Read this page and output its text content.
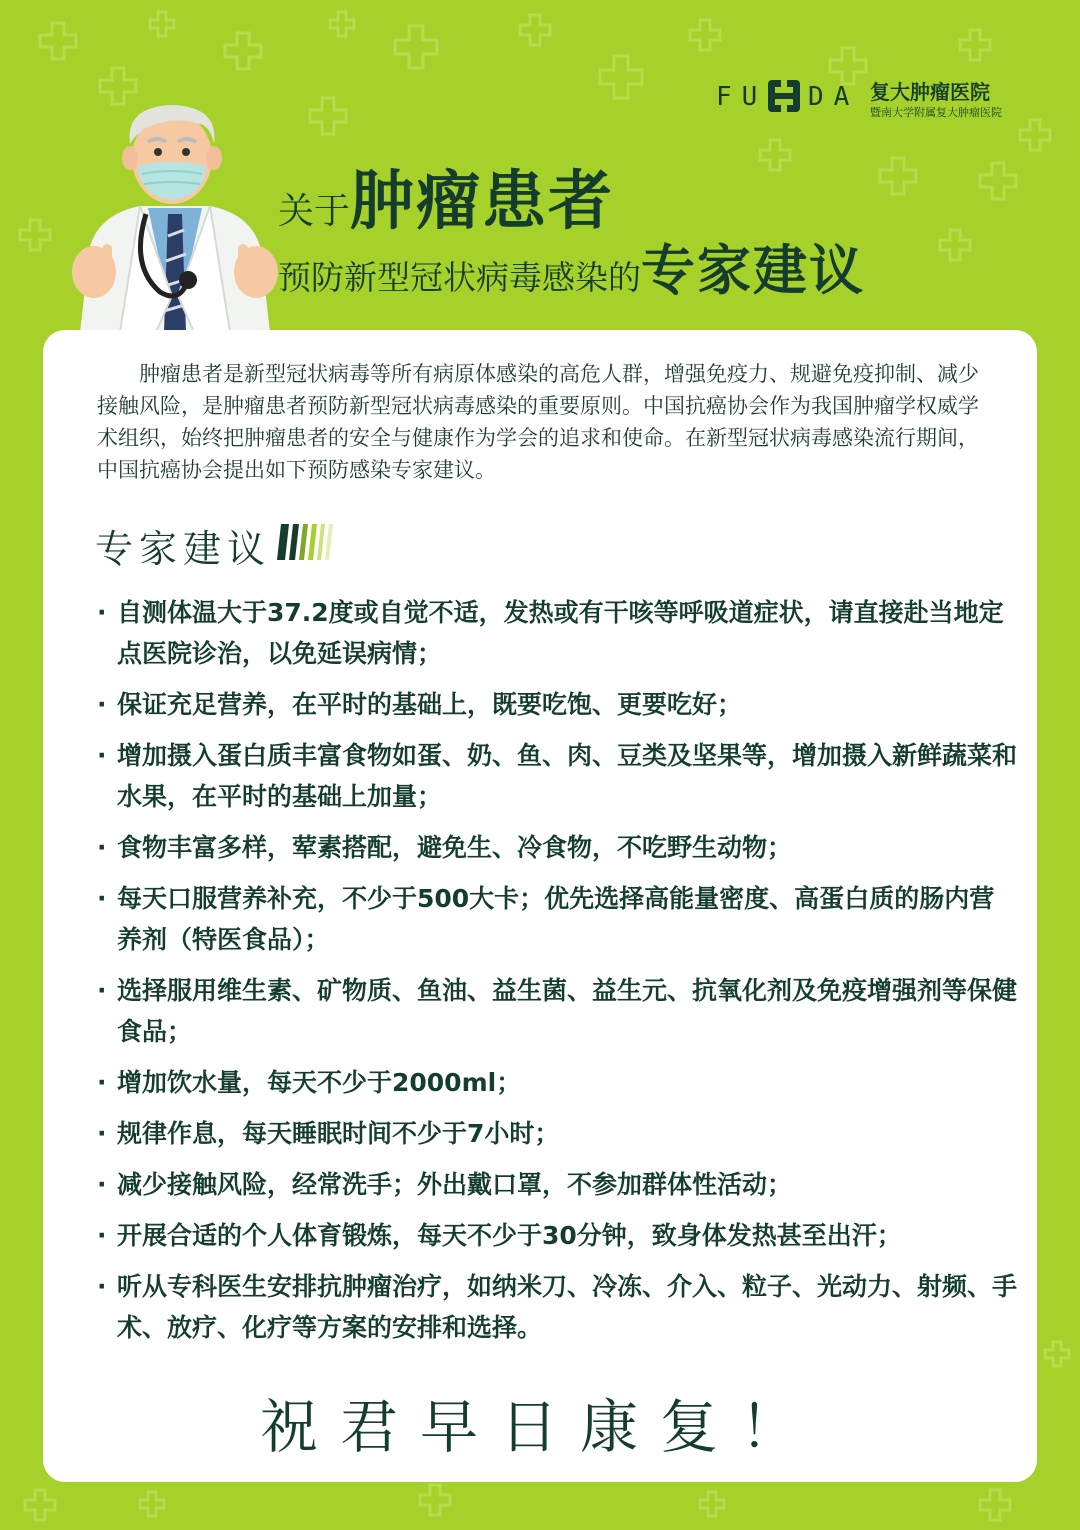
FU DA 复大肿瘤医院
暨南大学附属复大肿瘤医院
关于肿瘤患者
预防新型冠状病毒感染的专家建议

肿瘤患者是新型冠状病毒等所有病原体感染的高危人群，增强免疫力、规避免疫抑制、减少接触风险，是肿瘤患者预防新型冠状病毒感染的重要原则。中国抗癌协会作为我国肿瘤学权威学术组织，始终把肿瘤患者的安全与健康作为学会的追求和使命。在新型冠状病毒感染流行期间，中国抗癌协会提出如下预防感染专家建议。

专家建议
· 自测体温大于37.2度或自觉不适，发热或有干咳等呼吸道症状，请直接赴当地定点医院诊治，以免延误病情；
· 保证充足营养，在平时的基础上，既要吃饱、更要吃好；
· 增加摄入蛋白质丰富食物如蛋、奶、鱼、肉、豆类及坚果等，增加摄入新鲜蔬菜和水果，在平时的基础上加量；
· 食物丰富多样，荤素搭配，避免生、冷食物，不吃野生动物；
· 每天口服营养补充，不少于500大卡；优先选择高能量密度、高蛋白质的肠内营养剂（特医食品）；
· 选择服用维生素、矿物质、鱼油、益生菌、益生元、抗氧化剂及免疫增强剂等保健食品；
· 增加饮水量，每天不少于2000ml；
· 规律作息，每天睡眠时间不少于7小时；
· 减少接触风险，经常洗手；外出戴口罩，不参加群体性活动；
· 开展合适的个人体育锻炼，每天不少于30分钟，致身体发热甚至出汗；
· 听从专科医生安排抗肿瘤治疗，如纳米刀、冷冻、介入、粒子、光动力、射频、手术、放疗、化疗等方案的安排和选择。
祝君早日康复！
